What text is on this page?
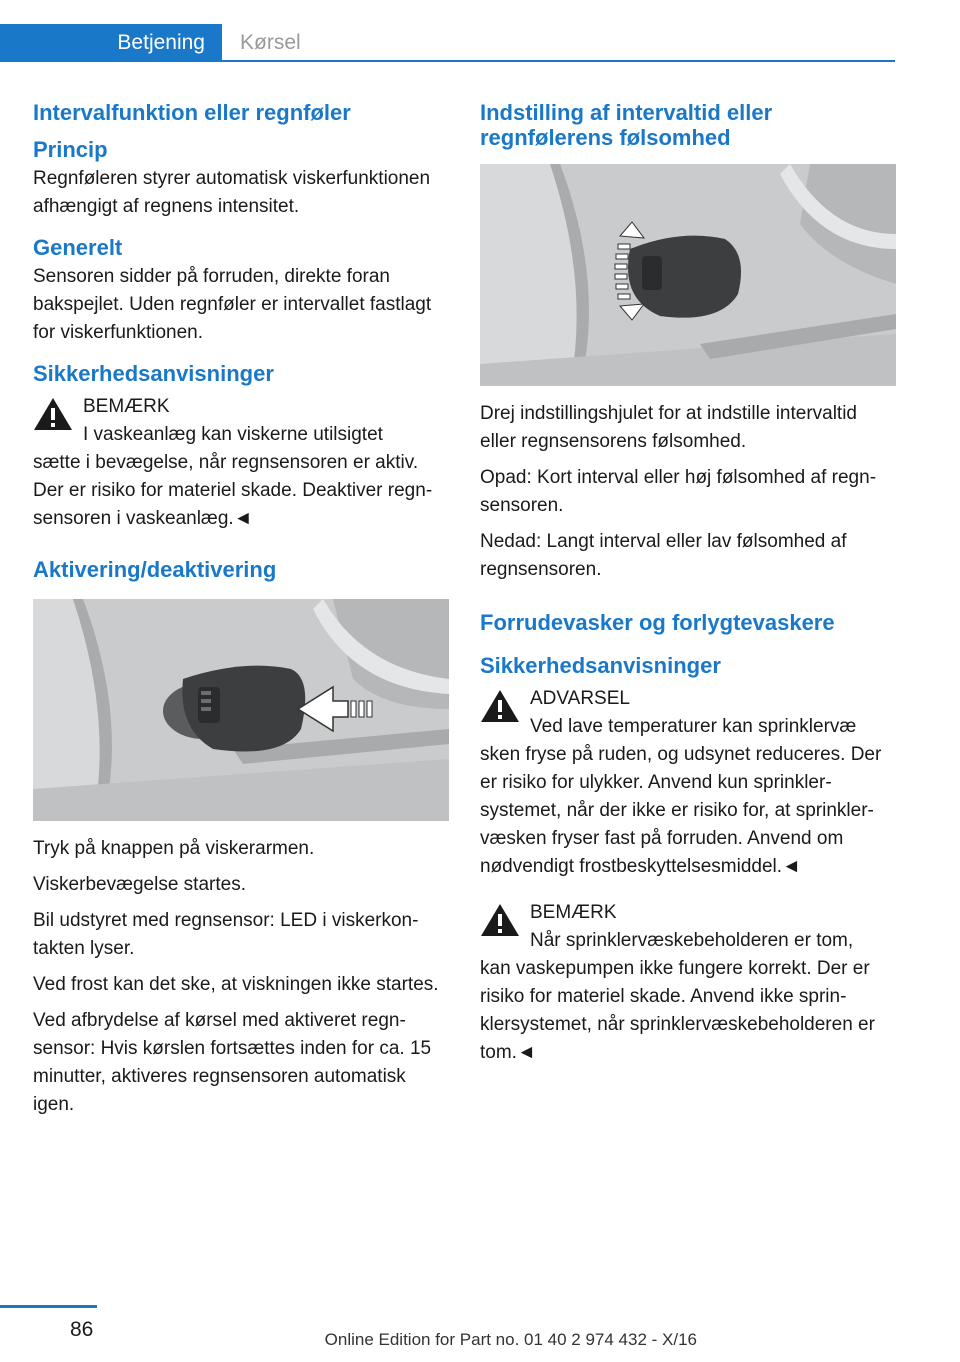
Betjening Kørsel
Intervalfunktion eller regnføler
Princip

Regnføleren styrer automatisk viskerfunktionen afhængigt af regnens intensitet.

Generelt

Sensoren sidder på forruden, direkte foran bakspejlet. Uden regnføler er intervallet fastlagt for viskerfunktionen.

Sikkerhedsanvisninger

BEMÆRK

I vaskeanlæg kan viskerne utilsigtet

sætte i bevægelse, når regnsensoren er aktiv. Der er risiko for materiel skade. Deaktiver regnsensoren i vaskeanlæg.◄

Aktivering/deaktivering

Tryk på knappen på viskerarmen.

Viskerbevægelse startes.

Bil udstyret med regnsensor: LED i viskerkontakten lyser.

Ved frost kan det ske, at viskningen ikke startes.

Ved afbrydelse af kørsel med aktiveret regnsensor: Hvis kørslen fortsættes inden for ca. 15 minutter, aktiveres regnsensoren automatisk igen.

Indstilling af intervaltid eller regnfølerens følsomhed

Drej indstillingshjulet for at indstille intervaltid eller regnsensorens følsomhed.

Opad: Kort interval eller høj følsomhed af regnsensoren.

Nedad: Langt interval eller lav følsomhed af regnsensoren.

Forrudevasker og forlygtevaskere
Sikkerhedsanvisninger

ADVARSEL

Ved lave temperaturer kan sprinklervæ

sken fryse på ruden, og udsynet reduceres. Der er risiko for ulykker. Anvend kun sprinklersystemet, når der ikke er risiko for, at sprinklervæsken fryser fast på forruden. Anvend om nødvendigt frostbeskyttelsesmiddel.◄

BEMÆRK

Når sprinklervæskebeholderen er tom,

kan vaskepumpen ikke fungere korrekt. Der er risiko for materiel skade. Anvend ikke sprinklersystemet, når sprinklervæskebeholderen er tom.◄

86	Online Edition for Part no. 01 40 2 974 432 - X/16
